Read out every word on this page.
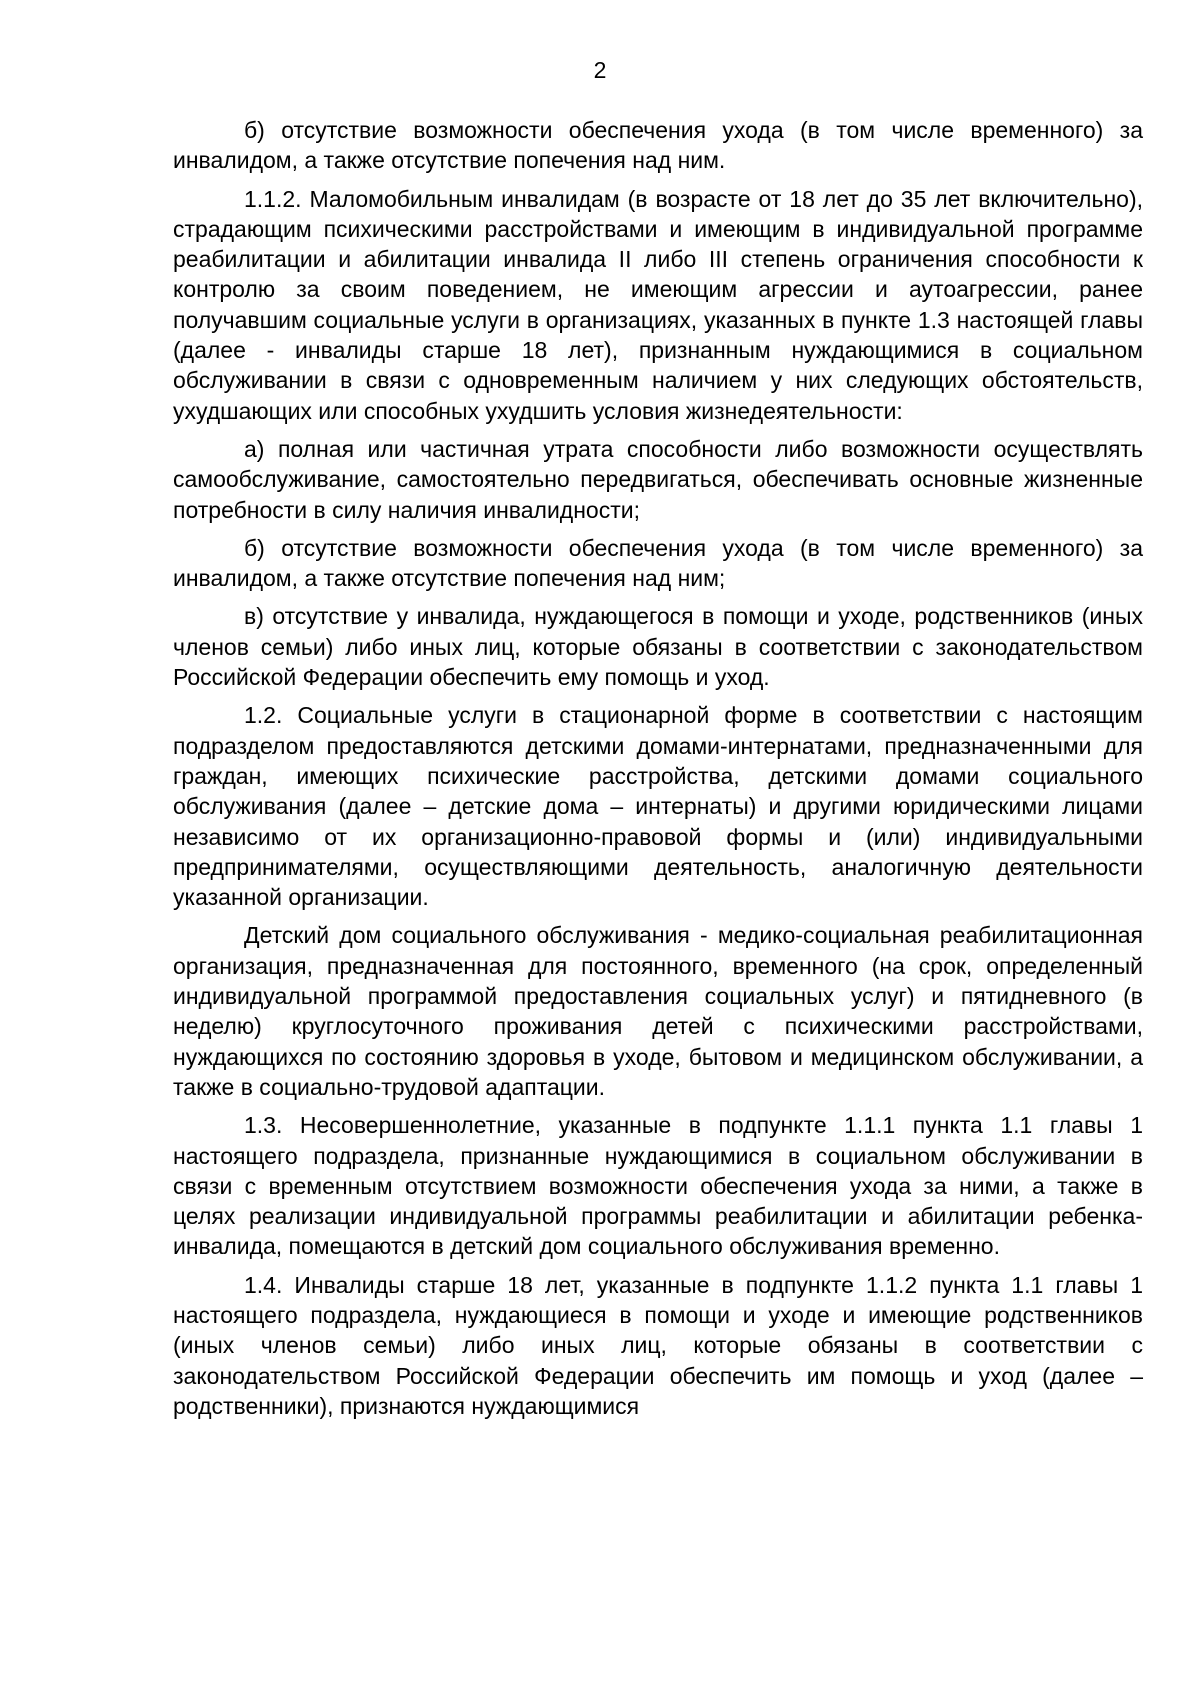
2

б) отсутствие возможности обеспечения ухода (в том числе временного) за инвалидом, а также отсутствие попечения над ним.

1.1.2. Маломобильным инвалидам (в возрасте от 18 лет до 35 лет включительно), страдающим психическими расстройствами и имеющим в индивидуальной программе реабилитации и абилитации инвалида II либо III степень ограничения способности к контролю за своим поведением, не имеющим агрессии и аутоагрессии, ранее получавшим социальные услуги в организациях, указанных в пункте 1.3 настоящей главы (далее - инвалиды старше 18 лет), признанным нуждающимися в социальном обслуживании в связи с одновременным наличием у них следующих обстоятельств, ухудшающих или способных ухудшить условия жизнедеятельности:

а) полная или частичная утрата способности либо возможности осуществлять самообслуживание, самостоятельно передвигаться, обеспечивать основные жизненные потребности в силу наличия инвалидности;

б) отсутствие возможности обеспечения ухода (в том числе временного) за инвалидом, а также отсутствие попечения над ним;

в) отсутствие у инвалида, нуждающегося в помощи и уходе, родственников (иных членов семьи) либо иных лиц, которые обязаны в соответствии с законодательством Российской Федерации обеспечить ему помощь и уход.

1.2. Социальные услуги в стационарной форме в соответствии с настоящим подразделом предоставляются детскими домами-интернатами, предназначенными для граждан, имеющих психические расстройства, детскими домами социального обслуживания (далее – детские дома – интернаты) и другими юридическими лицами независимо от их организационно-правовой формы и (или) индивидуальными предпринимателями, осуществляющими деятельность, аналогичную деятельности указанной организации.

Детский дом социального обслуживания - медико-социальная реабилитационная организация, предназначенная для постоянного, временного (на срок, определенный индивидуальной программой предоставления социальных услуг) и пятидневного (в неделю) круглосуточного проживания детей с психическими расстройствами, нуждающихся по состоянию здоровья в уходе, бытовом и медицинском обслуживании, а также в социально-трудовой адаптации.

1.3. Несовершеннолетние, указанные в подпункте 1.1.1 пункта 1.1 главы 1 настоящего подраздела, признанные нуждающимися в социальном обслуживании в связи с временным отсутствием возможности обеспечения ухода за ними, а также в целях реализации индивидуальной программы реабилитации и абилитации ребенка-инвалида, помещаются в детский дом социального обслуживания временно.

1.4. Инвалиды старше 18 лет, указанные в подпункте 1.1.2 пункта 1.1 главы 1 настоящего подраздела, нуждающиеся в помощи и уходе и имеющие родственников (иных членов семьи) либо иных лиц, которые обязаны в соответствии с законодательством Российской Федерации обеспечить им помощь и уход (далее – родственники), признаются нуждающимися
